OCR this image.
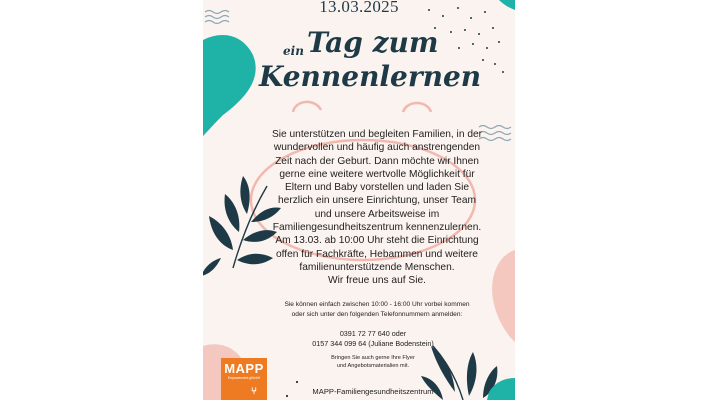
13.03.2025
ein Tag zum
Kennenlernen
Sie unterstützen und begleiten Familien, in der
wundervollen und häufig auch anstrengenden
Zeit nach der Geburt. Dann möchte wir Ihnen
gerne eine weitere wertvolle Möglichkeit für
Eltern und Baby vorstellen und laden Sie
herzlich ein unsere Einrichtung, unser Team
und unsere Arbeitsweise im
Familiengesundheitszentrum kennenzulernen.
Am 13.03. ab 10:00 Uhr steht die Einrichtung
offen für Fachkräfte, Hebammen und weitere
familienunterstützende Menschen.
Wir freue uns auf Sie.
Sie können einfach zwischen 10:00 - 16:00 Uhr vorbei kommen
oder sich unter den folgenden Telefonnummern anmelden:
0391 72 77 640 oder
0157 344 099 64 (Juliane Bodenstein)
Bringen Sie auch gerne Ihre Flyer
und Angebotsmaterialien mit.
MAPP-Familiengesundheitszentrum
MAPP
Empowerment gGmbH
⑂
